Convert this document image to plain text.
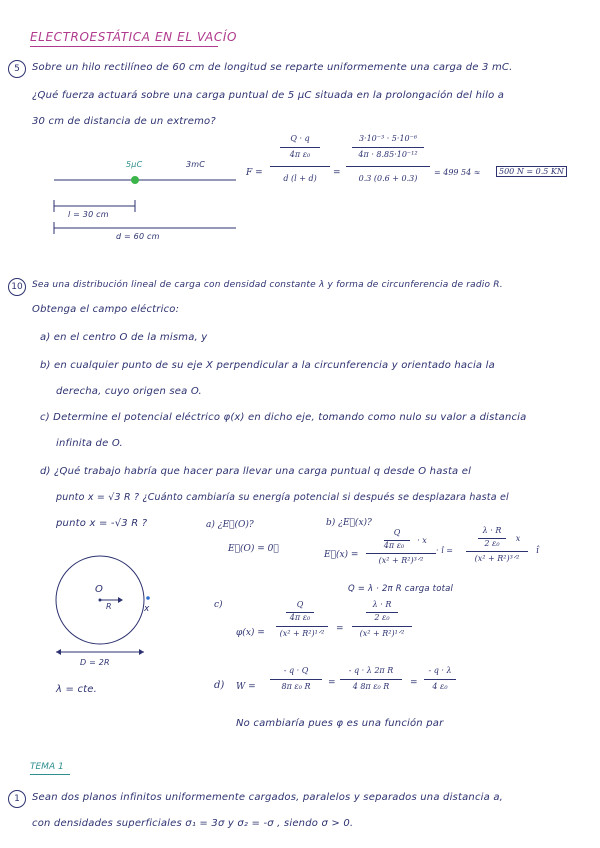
ELECTROESTÁTICA EN EL VACÍO
5	Sobre un hilo rectilíneo de 60 cm de longitud se reparte uniformemente una carga de 3 mC.
¿Qué fuerza actuará sobre una carga puntual de 5 μC situada en la prolongación del hilo a
30 cm de distancia de un extremo?
5μC	3mC
l = 30 cm
d = 60 cm
F =
Q · q
4π ε₀
d (l + d)
=
3·10⁻³ · 5·10⁻⁶
4π · 8.85·10⁻¹²
0.3 (0.6 + 0.3)
= 499 54 ≈	500 N = 0.5 KN
10	Sea una distribución lineal de carga con densidad constante λ y forma de circunferencia de radio R.
Obtenga el campo eléctrico:
a) en el centro O de la misma, y
b) en cualquier punto de su eje X perpendicular a la circunferencia y orientado hacia la
derecha, cuyo origen sea O.
c) Determine el potencial eléctrico φ(x) en dicho eje, tomando como nulo su valor a distancia
infinita de O.
d) ¿Qué trabajo habría que hacer para llevar una carga puntual q desde O hasta el
punto x = √3 R ? ¿Cuánto cambiaría su energía potencial si después se desplazara hasta el
punto x = -√3 R ?
O
R	x
D = 2R
λ = cte.
a) ¿E⃗(O)?
E⃗(O) = 0⃗
b) ¿E⃗(x)?
E⃗(x) =
Q
4π ε₀
· x
(x² + R²)³ᐟ²
· î =
λ · R
2 ε₀
x
(x² + R²)³ᐟ²
î
Q = λ · 2π R carga total
c)
φ(x) =
Q
4π ε₀
(x² + R²)¹ᐟ²	=
λ · R
2 ε₀
(x² + R²)¹ᐟ²
d) W =
- q · Q
8π ε₀ R	=
- q · λ 2π R
4 8π ε₀ R	=
- q · λ
4 ε₀
No cambiaría pues φ es una función par
TEMA 1
1	Sean dos planos infinitos uniformemente cargados, paralelos y separados una distancia a,
con densidades superficiales σ₁ = 3σ y σ₂ = -σ , siendo σ > 0.
